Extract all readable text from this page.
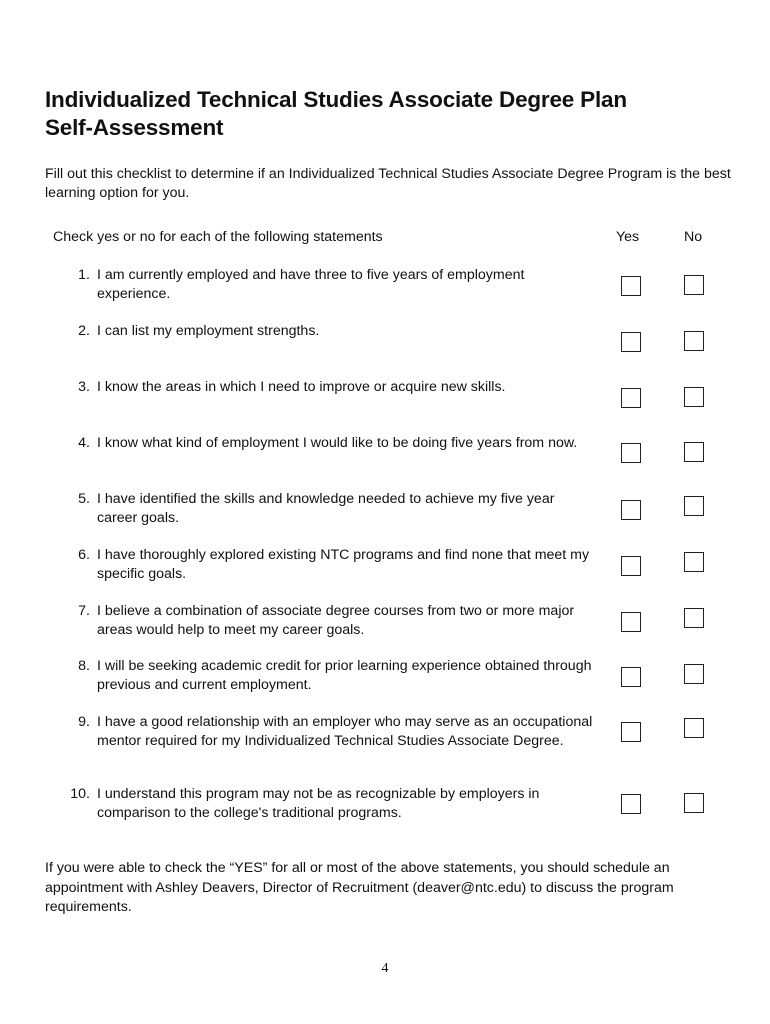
Individualized Technical Studies Associate Degree Plan
Self-Assessment

Fill out this checklist to determine if an Individualized Technical Studies Associate Degree Program is the best learning option for you.

Check yes or no for each of the following statements	Yes	No
1. I am currently employed and have three to five years of employment experience.
2. I can list my employment strengths.
3. I know the areas in which I need to improve or acquire new skills.
4. I know what kind of employment I would like to be doing five years from now.
5. I have identified the skills and knowledge needed to achieve my five year career goals.
6. I have thoroughly explored existing NTC programs and find none that meet my specific goals.
7. I believe a combination of associate degree courses from two or more major areas would help to meet my career goals.
8. I will be seeking academic credit for prior learning experience obtained through previous and current employment.
9. I have a good relationship with an employer who may serve as an occupational mentor required for my Individualized Technical Studies Associate Degree.
10. I understand this program may not be as recognizable by employers in comparison to the college's traditional programs.

If you were able to check the “YES” for all or most of the above statements, you should schedule an appointment with Ashley Deavers, Director of Recruitment (deaver@ntc.edu) to discuss the program requirements.

4
